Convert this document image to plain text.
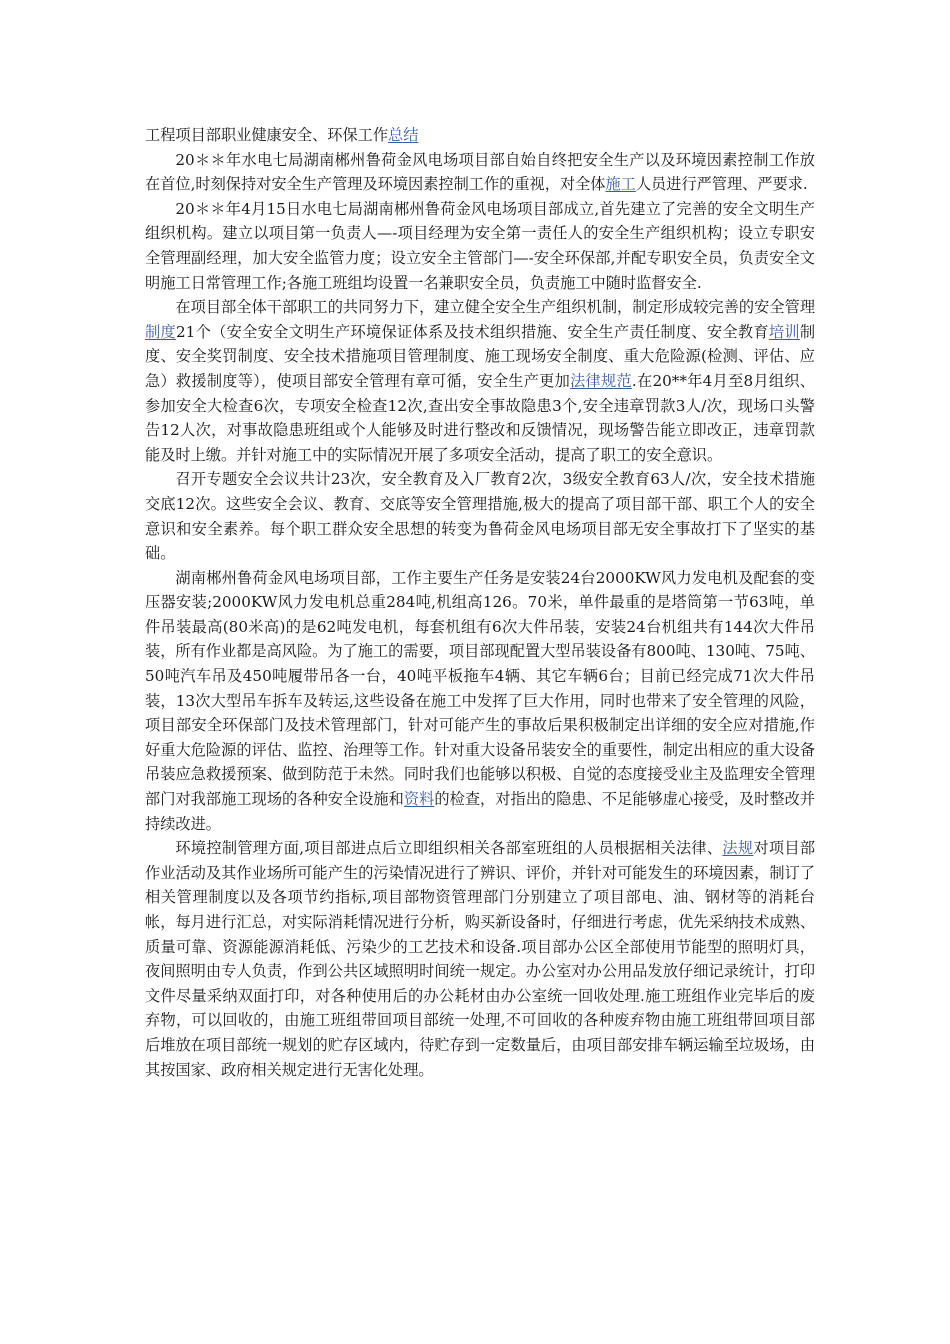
工程项目部职业健康安全、环保工作总结

20＊＊年水电七局湖南郴州鲁荷金风电场项目部自始自终把安全生产以及环境因素控制工作放在首位,时刻保持对安全生产管理及环境因素控制工作的重视，对全体施工人员进行严管理、严要求.

20＊＊年4月15日水电七局湖南郴州鲁荷金风电场项目部成立,首先建立了完善的安全文明生产组织机构。建立以项目第一负责人—-项目经理为安全第一责任人的安全生产组织机构；设立专职安全管理副经理，加大安全监管力度；设立安全主管部门—-安全环保部,并配专职安全员，负责安全文明施工日常管理工作;各施工班组均设置一名兼职安全员，负责施工中随时监督安全.

在项目部全体干部职工的共同努力下，建立健全安全生产组织机制，制定形成较完善的安全管理制度21个（安全安全文明生产环境保证体系及技术组织措施、安全生产责任制度、安全教育培训制度、安全奖罚制度、安全技术措施项目管理制度、施工现场安全制度、重大危险源(检测、评估、应急）救援制度等），使项目部安全管理有章可循，安全生产更加法律规范.在20**年4月至8月组织、参加安全大检查6次，专项安全检查12次,查出安全事故隐患3个,安全违章罚款3人/次，现场口头警告12人次，对事故隐患班组或个人能够及时进行整改和反馈情况，现场警告能立即改正，违章罚款能及时上缴。并针对施工中的实际情况开展了多项安全活动，提高了职工的安全意识。

召开专题安全会议共计23次，安全教育及入厂教育2次，3级安全教育63人/次，安全技术措施交底12次。这些安全会议、教育、交底等安全管理措施,极大的提高了项目部干部、职工个人的安全意识和安全素养。每个职工群众安全思想的转变为鲁荷金风电场项目部无安全事故打下了坚实的基础。

湖南郴州鲁荷金风电场项目部，工作主要生产任务是安装24台2000KW风力发电机及配套的变压器安装;2000KW风力发电机总重284吨,机组高126。70米，单件最重的是塔筒第一节63吨，单件吊装最高(80米高)的是62吨发电机，每套机组有6次大件吊装，安装24台机组共有144次大件吊装，所有作业都是高风险。为了施工的需要，项目部现配置大型吊装设备有800吨、130吨、75吨、50吨汽车吊及450吨履带吊各一台，40吨平板拖车4辆、其它车辆6台；目前已经完成71次大件吊装，13次大型吊车拆车及转运,这些设备在施工中发挥了巨大作用，同时也带来了安全管理的风险，项目部安全环保部门及技术管理部门，针对可能产生的事故后果积极制定出详细的安全应对措施,作好重大危险源的评估、监控、治理等工作。针对重大设备吊装安全的重要性，制定出相应的重大设备吊装应急救援预案、做到防范于未然。同时我们也能够以积极、自觉的态度接受业主及监理安全管理部门对我部施工现场的各种安全设施和资料的检查，对指出的隐患、不足能够虚心接受，及时整改并持续改进。

环境控制管理方面,项目部进点后立即组织相关各部室班组的人员根据相关法律、法规对项目部作业活动及其作业场所可能产生的污染情况进行了辨识、评价，并针对可能发生的环境因素，制订了相关管理制度以及各项节约指标,项目部物资管理部门分别建立了项目部电、油、钢材等的消耗台帐，每月进行汇总，对实际消耗情况进行分析，购买新设备时，仔细进行考虑，优先采纳技术成熟、质量可靠、资源能源消耗低、污染少的工艺技术和设备.项目部办公区全部使用节能型的照明灯具，夜间照明由专人负责，作到公共区域照明时间统一规定。办公室对办公用品发放仔细记录统计，打印文件尽量采纳双面打印，对各种使用后的办公耗材由办公室统一回收处理.施工班组作业完毕后的废弃物，可以回收的，由施工班组带回项目部统一处理,不可回收的各种废弃物由施工班组带回项目部后堆放在项目部统一规划的贮存区域内，待贮存到一定数量后，由项目部安排车辆运输至垃圾场，由其按国家、政府相关规定进行无害化处理。
